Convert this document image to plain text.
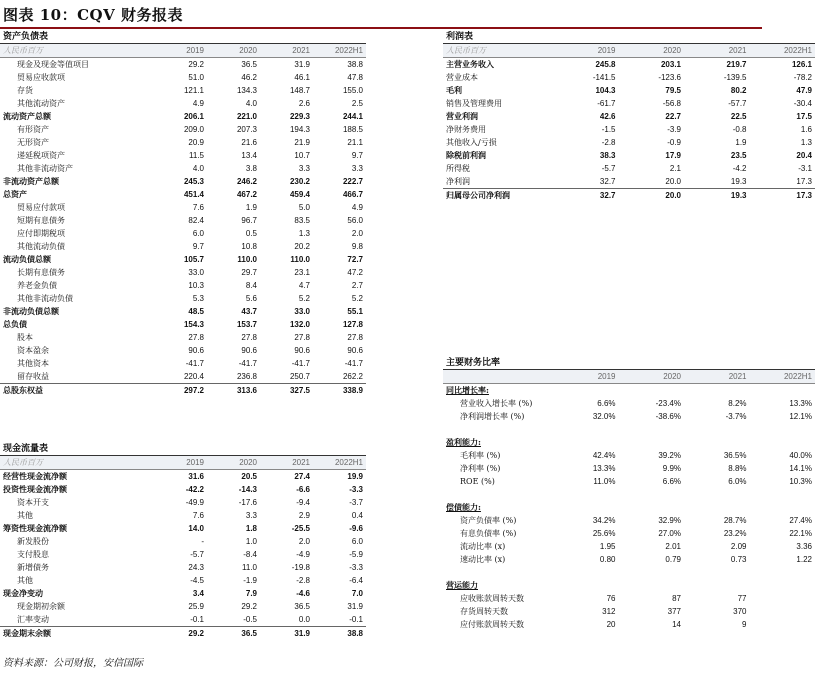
图表 10：CQV 财务报表
资产负债表
人民币百万	2019	2020	2021	2022H1
现金及现金等值项目	29.2	36.5	31.9	38.8
贸易应收款项	51.0	46.2	46.1	47.8
存货	121.1	134.3	148.7	155.0
其他流动资产	4.9	4.0	2.6	2.5
流动资产总额	206.1	221.0	229.3	244.1
有形资产	209.0	207.3	194.3	188.5
无形资产	20.9	21.6	21.9	21.1
递延税项资产	11.5	13.4	10.7	9.7
其他非流动资产	4.0	3.8	3.3	3.3
非流动资产总额	245.3	246.2	230.2	222.7
总资产	451.4	467.2	459.4	466.7
贸易应付款项	7.6	1.9	5.0	4.9
短期有息债务	82.4	96.7	83.5	56.0
应付即期税项	6.0	0.5	1.3	2.0
其他流动负债	9.7	10.8	20.2	9.8
流动负债总额	105.7	110.0	110.0	72.7
长期有息债务	33.0	29.7	23.1	47.2
养老金负债	10.3	8.4	4.7	2.7
其他非流动负债	5.3	5.6	5.2	5.2
非流动负债总额	48.5	43.7	33.0	55.1
总负债	154.3	153.7	132.0	127.8
股本	27.8	27.8	27.8	27.8
资本盈余	90.6	90.6	90.6	90.6
其他资本	-41.7	-41.7	-41.7	-41.7
留存收益	220.4	236.8	250.7	262.2
总股东权益	297.2	313.6	327.5	338.9
现金流量表
人民币百万	2019	2020	2021	2022H1
经营性现金流净额	31.6	20.5	27.4	19.9
投资性现金流净额	-42.2	-14.3	-6.6	-3.3
资本开支	-49.9	-17.6	-9.4	-3.7
其他	7.6	3.3	2.9	0.4
筹资性现金流净额	14.0	1.8	-25.5	-9.6
新发股份	-	1.0	2.0	6.0
支付股息	-5.7	-8.4	-4.9	-5.9
新增债务	24.3	11.0	-19.8	-3.3
其他	-4.5	-1.9	-2.8	-6.4
现金净变动	3.4	7.9	-4.6	7.0
现金期初余额	25.9	29.2	36.5	31.9
汇率变动	-0.1	-0.5	0.0	-0.1
现金期末余额	29.2	36.5	31.9	38.8
利润表
人民币百万	2019	2020	2021	2022H1
主营业务收入	245.8	203.1	219.7	126.1
营业成本	-141.5	-123.6	-139.5	-78.2
毛利	104.3	79.5	80.2	47.9
销售及管理费用	-61.7	-56.8	-57.7	-30.4
营业利润	42.6	22.7	22.5	17.5
净财务费用	-1.5	-3.9	-0.8	1.6
其他收入/亏损	-2.8	-0.9	1.9	1.3
除税前利润	38.3	17.9	23.5	20.4
所得税	-5.7	2.1	-4.2	-3.1
净利润	32.7	20.0	19.3	17.3
归属母公司净利润	32.7	20.0	19.3	17.3
主要财务比率
	2019	2020	2021	2022H1
同比增长率:				
营业收入增长率 (%)	6.6%	-23.4%	8.2%	13.3%
净利润增长率 (%)	32.0%	-38.6%	-3.7%	12.1%

盈利能力:				
毛利率 (%)	42.4%	39.2%	36.5%	40.0%
净利率 (%)	13.3%	9.9%	8.8%	14.1%
ROE (%)	11.0%	6.6%	6.0%	10.3%

偿债能力:				
资产负债率 (%)	34.2%	32.9%	28.7%	27.4%
有息负债率 (%)	25.6%	27.0%	23.2%	22.1%
流动比率 (x)	1.95	2.01	2.09	3.36
速动比率 (x)	0.80	0.79	0.73	1.22

营运能力				
应收账款周转天数	76	87	77	
存货周转天数	312	377	370	
应付账款周转天数	20	14	9	
资料来源：公司财报，安信国际
